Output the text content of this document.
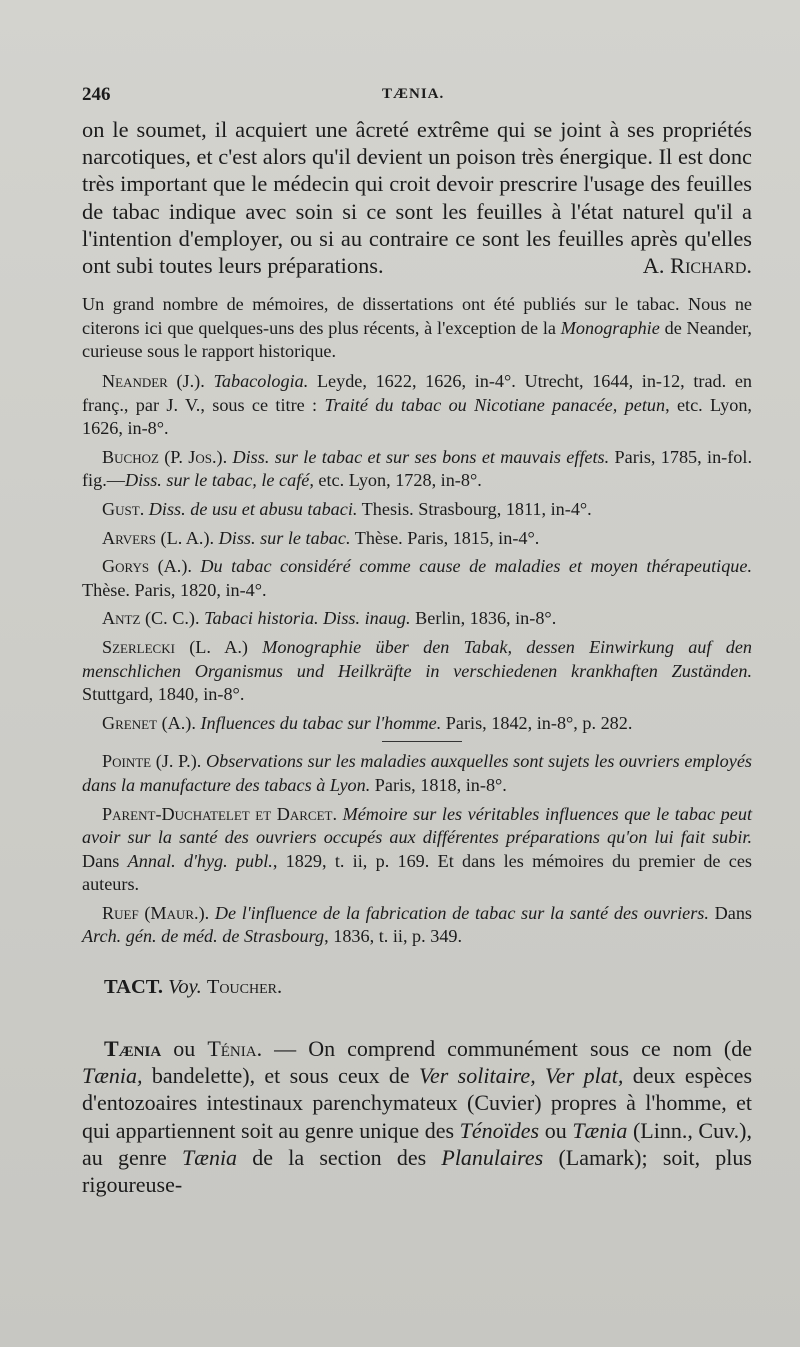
246	TÆNIA.

on le soumet, il acquiert une âcreté extrême qui se joint à ses propriétés narcotiques, et c'est alors qu'il devient un poison très énergique. Il est donc très important que le médecin qui croit devoir prescrire l'usage des feuilles de tabac indique avec soin si ce sont les feuilles à l'état naturel qu'il a l'intention d'employer, ou si au contraire ce sont les feuilles après qu'elles ont subi toutes leurs préparations.	A. Richard.

Un grand nombre de mémoires, de dissertations ont été publiés sur le tabac. Nous ne citerons ici que quelques-uns des plus récents, à l'exception de la Monographie de Neander, curieuse sous le rapport historique.

Neander (J.). Tabacologia. Leyde, 1622, 1626, in-4°. Utrecht, 1644, in-12, trad. en franç., par J. V., sous ce titre : Traité du tabac ou Nicotiane panacée, petun, etc. Lyon, 1626, in-8°.

Buchoz (P. Jos.). Diss. sur le tabac et sur ses bons et mauvais effets. Paris, 1785, in-fol. fig.—Diss. sur le tabac, le café, etc. Lyon, 1728, in-8°.

Gust. Diss. de usu et abusu tabaci. Thesis. Strasbourg, 1811, in-4°.

Arvers (L. A.). Diss. sur le tabac. Thèse. Paris, 1815, in-4°.

Gorys (A.). Du tabac considéré comme cause de maladies et moyen thérapeutique. Thèse. Paris, 1820, in-4°.

Antz (C. C.). Tabaci historia. Diss. inaug. Berlin, 1836, in-8°.

Szerlecki (L. A.) Monographie über den Tabak, dessen Einwirkung auf den menschlichen Organismus und Heilkräfte in verschiedenen krankhaften Zuständen. Stuttgard, 1840, in-8°.

Grenet (A.). Influences du tabac sur l'homme. Paris, 1842, in-8°, p. 282.

Pointe (J. P.). Observations sur les maladies auxquelles sont sujets les ouvriers employés dans la manufacture des tabacs à Lyon. Paris, 1818, in-8°.

Parent-Duchatelet et Darcet. Mémoire sur les véritables influences que le tabac peut avoir sur la santé des ouvriers occupés aux différentes préparations qu'on lui fait subir. Dans Annal. d'hyg. publ., 1829, t. ii, p. 169. Et dans les mémoires du premier de ces auteurs.

Ruef (Maur.). De l'influence de la fabrication de tabac sur la santé des ouvriers. Dans Arch. gén. de méd. de Strasbourg, 1836, t. ii, p. 349.

TACT. Voy. Toucher.

Tænia ou Ténia. — On comprend communément sous ce nom (de Tænia, bandelette), et sous ceux de Ver solitaire, Ver plat, deux espèces d'entozoaires intestinaux parenchymateux (Cuvier) propres à l'homme, et qui appartiennent soit au genre unique des Ténoïdes ou Tænia (Linn., Cuv.), au genre Tænia de la section des Planulaires (Lamark); soit, plus rigoureuse-
